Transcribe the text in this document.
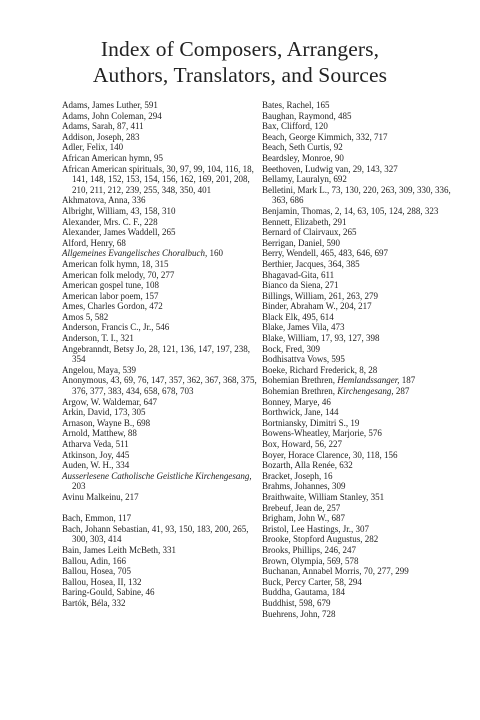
Index of Composers, Arrangers,
Authors, Translators, and Sources
Adams, James Luther, 591
Adams, John Coleman, 294
Adams, Sarah, 87, 411
Addison, Joseph, 283
Adler, Felix, 140
African American hymn, 95
African American spirituals, 30, 97, 99, 104, 116, 18, 141, 148, 152, 153, 154, 156, 162, 169, 201, 208, 210, 211, 212, 239, 255, 348, 350, 401
Akhmatova, Anna, 336
Albright, William, 43, 158, 310
Alexander, Mrs. C. F., 228
Alexander, James Waddell, 265
Alford, Henry, 68
Allgemeines Evangelisches Choralbuch, 160
American folk hymn, 18, 315
American folk melody, 70, 277
American gospel tune, 108
American labor poem, 157
Ames, Charles Gordon, 472
Amos 5, 582
Anderson, Francis C., Jr., 546
Anderson, T. I., 321
Angebranndt, Betsy Jo, 28, 121, 136, 147, 197, 238, 354
Angelou, Maya, 539
Anonymous, 43, 69, 76, 147, 357, 362, 367, 368, 375, 376, 377, 383, 434, 658, 678, 703
Argow, W. Waldemar, 647
Arkin, David, 173, 305
Arnason, Wayne B., 698
Arnold, Matthew, 88
Atharva Veda, 511
Atkinson, Joy, 445
Auden, W. H., 334
Ausserlesene Catholische Geistliche Kirchengesang, 203
Avinu Malkeinu, 217
Bach, Emmon, 117
Bach, Johann Sebastian, 41, 93, 150, 183, 200, 265, 300, 303, 414
Bain, James Leith McBeth, 331
Ballou, Adin, 166
Ballou, Hosea, 705
Ballou, Hosea, II, 132
Baring-Gould, Sabine, 46
Bartók, Béla, 332
Bates, Rachel, 165
Baughan, Raymond, 485
Bax, Clifford, 120
Beach, George Kimmich, 332, 717
Beach, Seth Curtis, 92
Beardsley, Monroe, 90
Beethoven, Ludwig van, 29, 143, 327
Bellamy, Lauralyn, 692
Belletini, Mark L., 73, 130, 220, 263, 309, 330, 336, 363, 686
Benjamin, Thomas, 2, 14, 63, 105, 124, 288, 323
Bennett, Elizabeth, 291
Bernard of Clairvaux, 265
Berrigan, Daniel, 590
Berry, Wendell, 465, 483, 646, 697
Berthier, Jacques, 364, 385
Bhagavad-Gita, 611
Bianco da Siena, 271
Billings, William, 261, 263, 279
Binder, Abraham W., 204, 217
Black Elk, 495, 614
Blake, James Vila, 473
Blake, William, 17, 93, 127, 398
Bock, Fred, 309
Bodhisattva Vows, 595
Boeke, Richard Frederick, 8, 28
Bohemian Brethren, Hemlandssanger, 187
Bohemian Brethren, Kirchengesang, 287
Bonney, Marye, 46
Borthwick, Jane, 144
Bortniansky, Dimitri S., 19
Bowens-Wheatley, Marjorie, 576
Box, Howard, 56, 227
Boyer, Horace Clarence, 30, 118, 156
Bozarth, Alla Renée, 632
Bracket, Joseph, 16
Brahms, Johannes, 309
Braithwaite, William Stanley, 351
Brebeuf, Jean de, 257
Brigham, John W., 687
Bristol, Lee Hastings, Jr., 307
Brooke, Stopford Augustus, 282
Brooks, Phillips, 246, 247
Brown, Olympia, 569, 578
Buchanan, Annabel Morris, 70, 277, 299
Buck, Percy Carter, 58, 294
Buddha, Gautama, 184
Buddhist, 598, 679
Buehrens, John, 728
